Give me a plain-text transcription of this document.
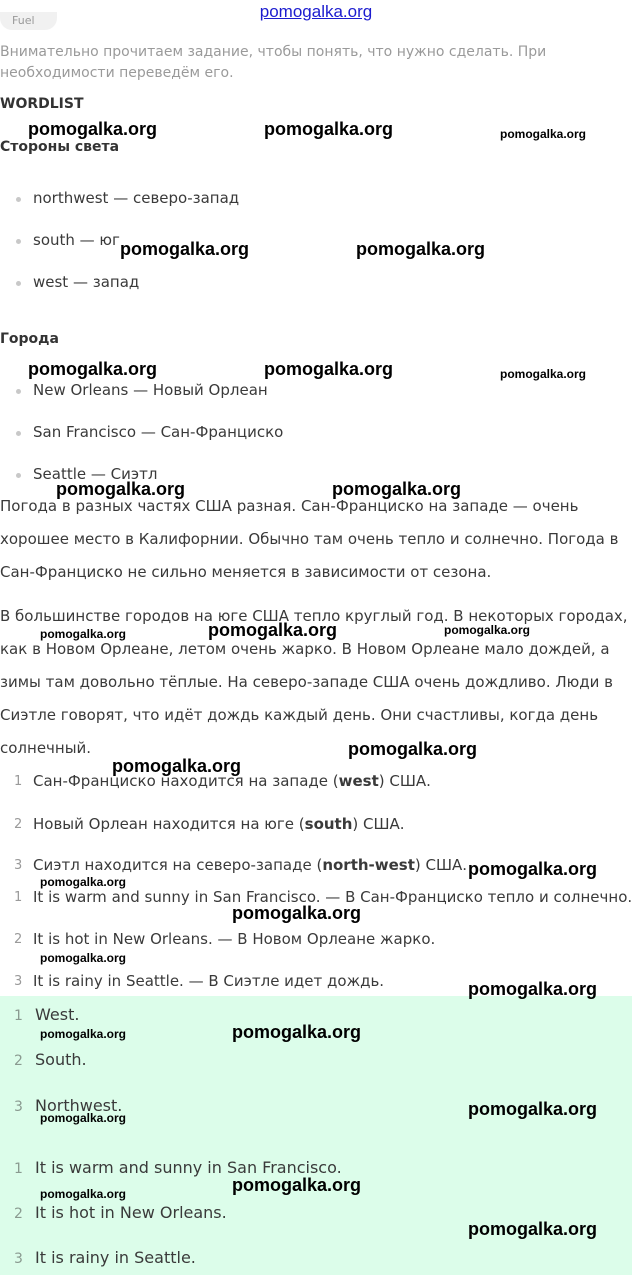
pomogalka.org
Fuel

Внимательно прочитаем задание, чтобы понять, что нужно сделать. При необходимости переведём его.

WORDLIST
Стороны света
northwest — северо-запад
south — юг
west — запад
Города
New Orleans — Новый Орлеан
San Francisco — Сан-Франциско
Seattle — Сиэтл

Погода в разных частях США разная. Сан-Франциско на западе — очень хорошее место в Калифорнии. Обычно там очень тепло и солнечно. Погода в Сан-Франциско не сильно меняется в зависимости от сезона.

В большинстве городов на юге США тепло круглый год. В некоторых городах, как в Новом Орлеане, летом очень жарко. В Новом Орлеане мало дождей, а зимы там довольно тёплые. На северо-западе США очень дождливо. Люди в Сиэтле говорят, что идёт дождь каждый день. Они счастливы, когда день солнечный.

1 Сан-Франциско находится на западе (west) США.
2 Новый Орлеан находится на юге (south) США.
3 Сиэтл находится на северо-западе (north-west) США.
1 It is warm and sunny in San Francisco. — В Сан-Франциско тепло и солнечно.
2 It is hot in New Orleans. — В Новом Орлеане жарко.
3 It is rainy in Seattle. — В Сиэтле идет дождь.
1 West.
2 South.
3 Northwest.
1 It is warm and sunny in San Francisco.
2 It is hot in New Orleans.
3 It is rainy in Seattle.
pomogalka.org	pomogalka.org	pomogalka.org
pomogalka.org	pomogalka.org
pomogalka.org	pomogalka.org	pomogalka.org
pomogalka.org	pomogalka.org
pomogalka.org	pomogalka.org	pomogalka.org
pomogalka.org
pomogalka.org
pomogalka.org
pomogalka.org
pomogalka.org
pomogalka.org
pomogalka.org
pomogalka.org	pomogalka.org
pomogalka.org
pomogalka.org
pomogalka.org
pomogalka.org
pomogalka.org
